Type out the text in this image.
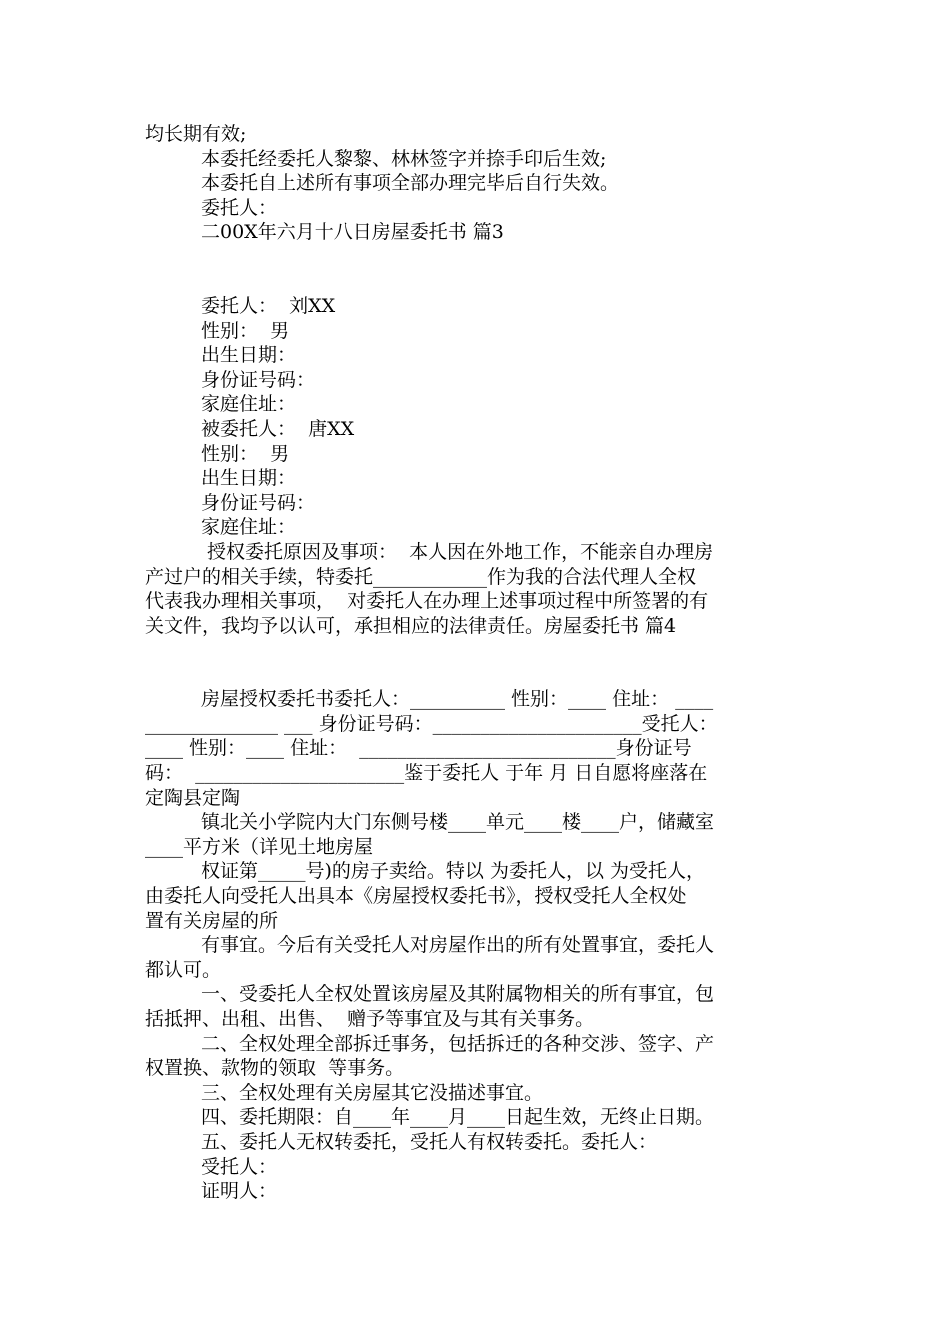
均长期有效;

本委托经委托人黎黎、林林签字并捺手印后生效;

本委托自上述所有事项全部办理完毕后自行失效。

委托人：

二00X年六月十八日房屋委托书 篇3

委托人：  刘XX

性别：  男

出生日期：

身份证号码：

家庭住址：

被委托人：  唐XX

性别：  男

出生日期：

身份证号码：

家庭住址：

授权委托原因及事项：  本人因在外地工作，不能亲自办理房

产过户的相关手续，特委托____________作为我的合法代理人全权

代表我办理相关事项，  对委托人在办理上述事项过程中所签署的有

关文件，我均予以认可，承担相应的法律责任。房屋委托书 篇4

房屋授权委托书委托人：__________ 性别：____ 住址： ____

______________ ___ 身份证号码：______________________受托人：

____ 性别：____ 住址：  ___________________________身份证号

码：  ______________________鉴于委托人 于年 月 日自愿将座落在

定陶县定陶

镇北关小学院内大门东侧号楼____单元____楼____户，储藏室

____平方米（详见土地房屋

权证第_____号)的房子卖给。特以 为委托人，以 为受托人，

由委托人向受托人出具本《房屋授权委托书》，授权受托人全权处

置有关房屋的所

有事宜。今后有关受托人对房屋作出的所有处置事宜，委托人

都认可。

一、受委托人全权处置该房屋及其附属物相关的所有事宜，包

括抵押、出租、出售、  赠予等事宜及与其有关事务。

二、全权处理全部拆迁事务，包括拆迁的各种交涉、签字、产

权置换、款物的领取  等事务。

三、全权处理有关房屋其它没描述事宜。

四、委托期限：自____年____月____日起生效，无终止日期。

五、委托人无权转委托，受托人有权转委托。委托人：

受托人：

证明人：
